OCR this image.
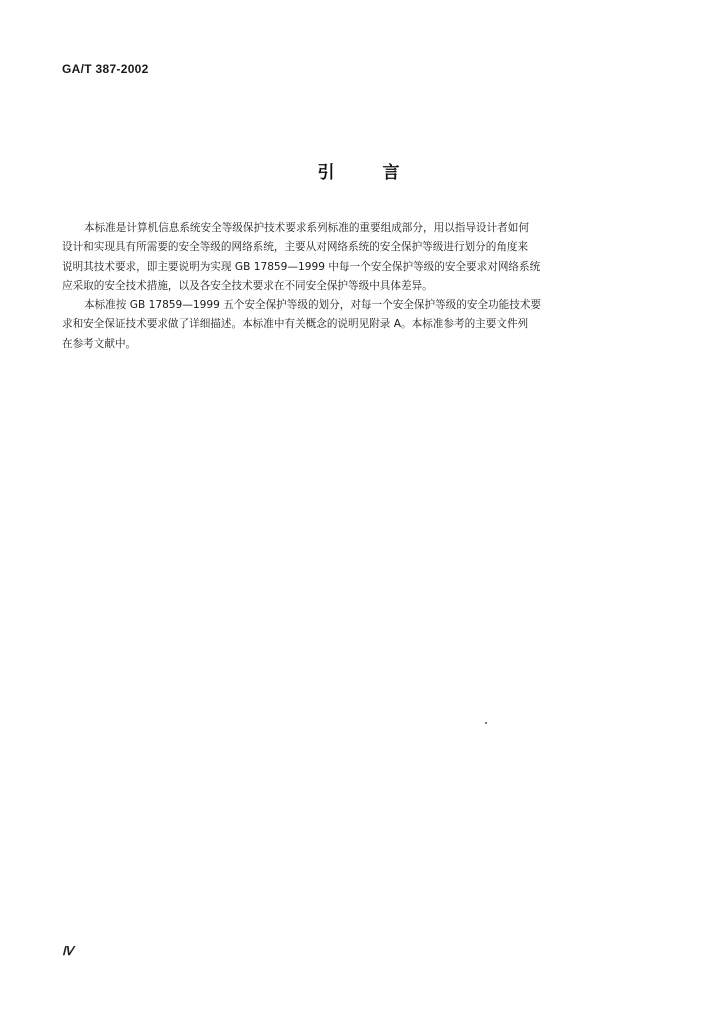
GA/T 387-2002
引	言
本标准是计算机信息系统安全等级保护技术要求系列标准的重要组成部分，用以指导设计者如何
设计和实现具有所需要的安全等级的网络系统，主要从对网络系统的安全保护等级进行划分的角度来
说明其技术要求，即主要说明为实现 GB 17859—1999 中每一个安全保护等级的安全要求对网络系统
应采取的安全技术措施，以及各安全技术要求在不同安全保护等级中具体差异。
本标准按 GB 17859—1999 五个安全保护等级的划分，对每一个安全保护等级的安全功能技术要
求和安全保证技术要求做了详细描述。本标准中有关概念的说明见附录 A。本标准参考的主要文件列
在参考文献中。
Ⅳ
